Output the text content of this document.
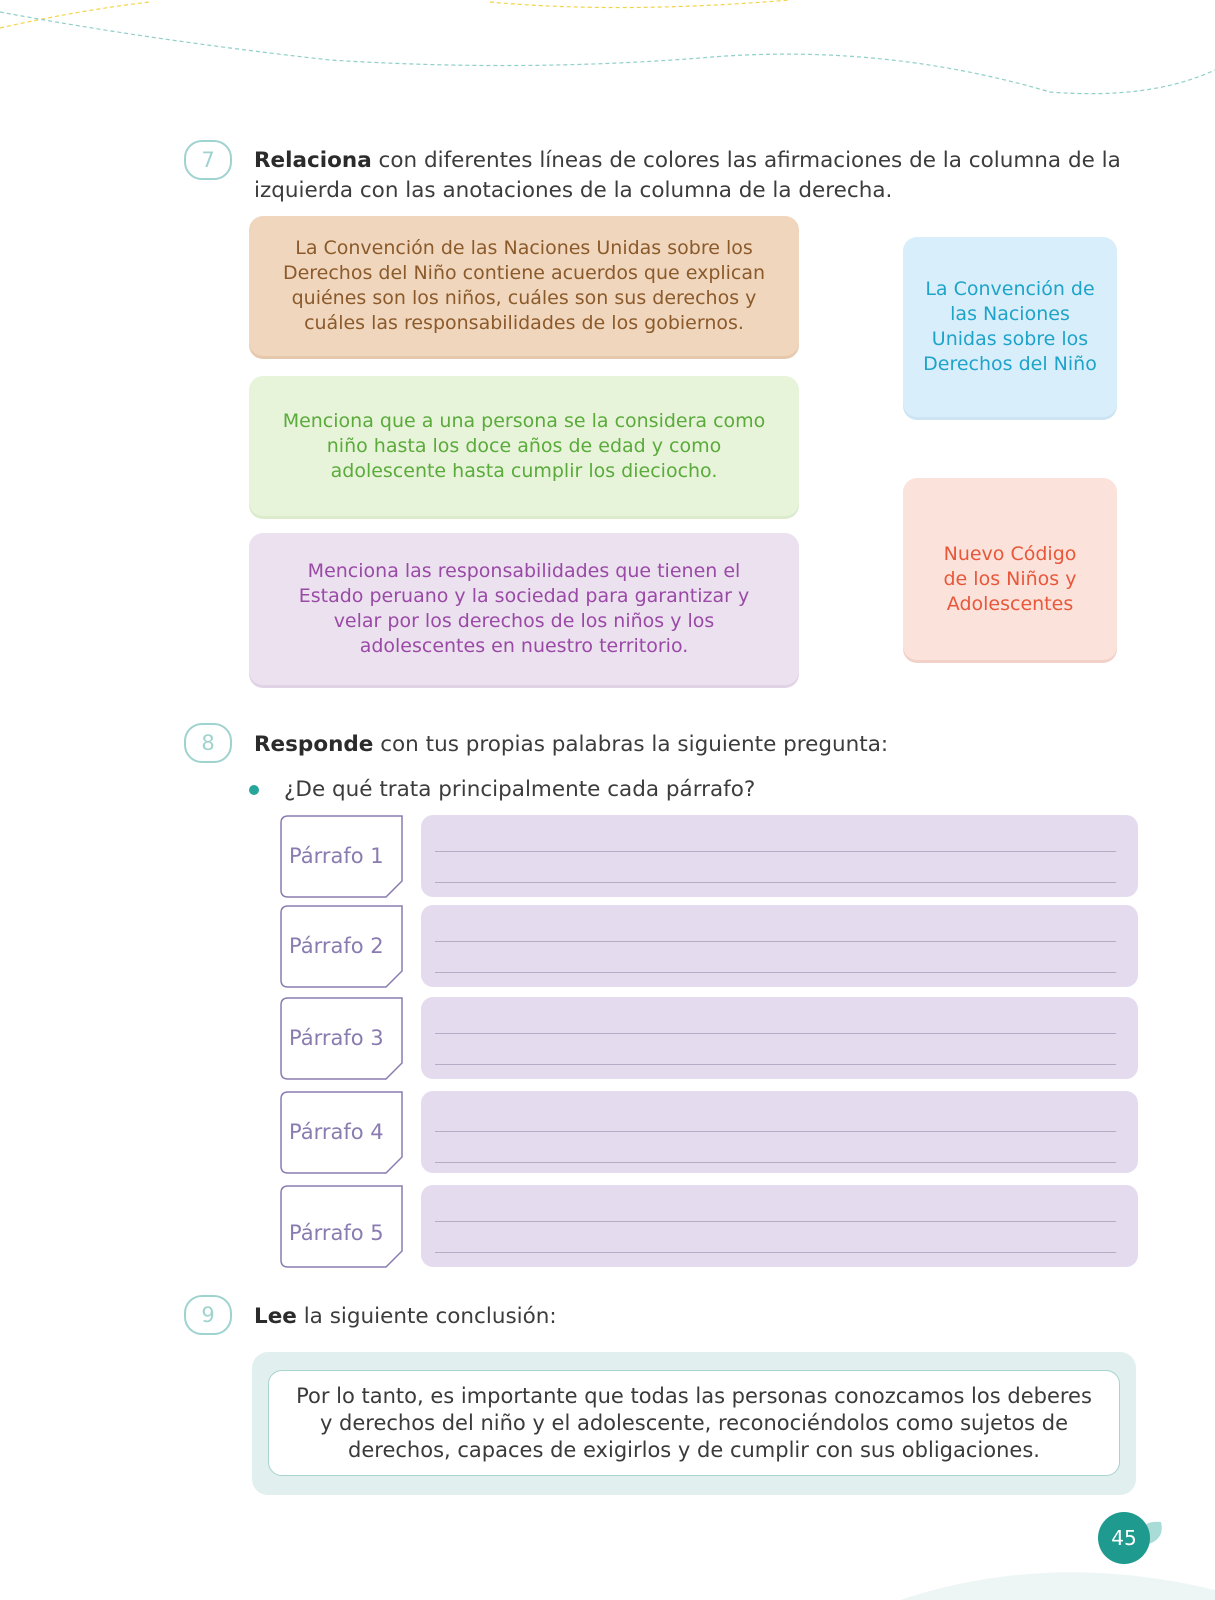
7	Relaciona con diferentes líneas de colores las afirmaciones de la columna de la izquierda con las anotaciones de la columna de la derecha.
La Convención de las Naciones Unidas sobre los Derechos del Niño contiene acuerdos que explican quiénes son los niños, cuáles son sus derechos y cuáles las responsabilidades de los gobiernos.
Menciona que a una persona se la considera como niño hasta los doce años de edad y como adolescente hasta cumplir los dieciocho.
Menciona las responsabilidades que tienen el Estado peruano y la sociedad para garantizar y velar por los derechos de los niños y los adolescentes en nuestro territorio.
La Convención de las Naciones Unidas sobre los Derechos del Niño
Nuevo Código de los Niños y Adolescentes
8	Responde con tus propias palabras la siguiente pregunta:
¿De qué trata principalmente cada párrafo?
Párrafo 1
Párrafo 2
Párrafo 3
Párrafo 4
Párrafo 5
9	Lee la siguiente conclusión:
Por lo tanto, es importante que todas las personas conozcamos los deberes y derechos del niño y el adolescente, reconociéndolos como sujetos de derechos, capaces de exigirlos y de cumplir con sus obligaciones.
45
